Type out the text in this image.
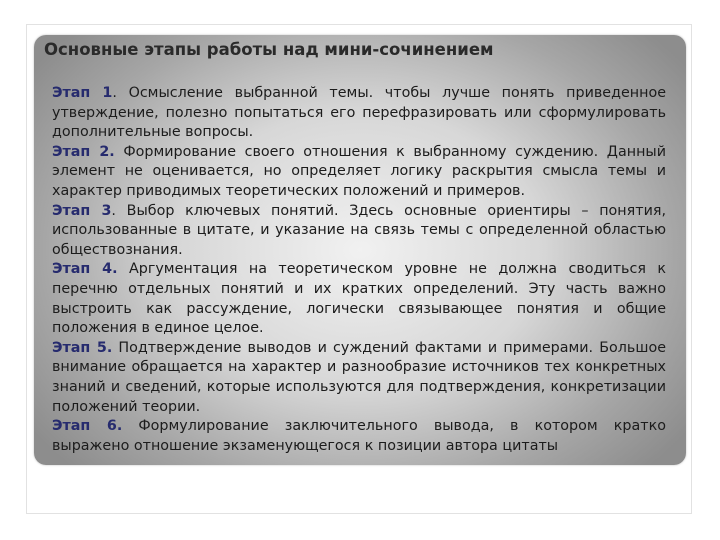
Основные этапы работы над мини-сочинением

Этап 1. Осмысление выбранной темы. чтобы лучше понять приведенное утверждение, полезно попытаться его перефразировать или сформулировать дополнительные вопросы.

Этап 2. Формирование своего отношения к выбранному суждению. Данный элемент не оценивается, но определяет логику раскрытия смысла темы и характер приводимых теоретических положений и примеров.

Этап 3. Выбор ключевых понятий. Здесь основные ориентиры – понятия, использованные в цитате, и указание на связь темы с определенной областью обществознания.

Этап 4. Аргументация на теоретическом уровне не должна сводиться к перечню отдельных понятий и их кратких определений. Эту часть важно выстроить как рассуждение, логически связывающее понятия и общие положения в единое целое.

Этап 5. Подтверждение выводов и суждений фактами и примерами. Большое внимание обращается на характер и разнообразие источников тех конкретных знаний и сведений, которые используются для подтверждения, конкретизации положений теории.

Этап 6. Формулирование заключительного вывода, в котором кратко выражено отношение экзаменующегося к позиции автора цитаты
